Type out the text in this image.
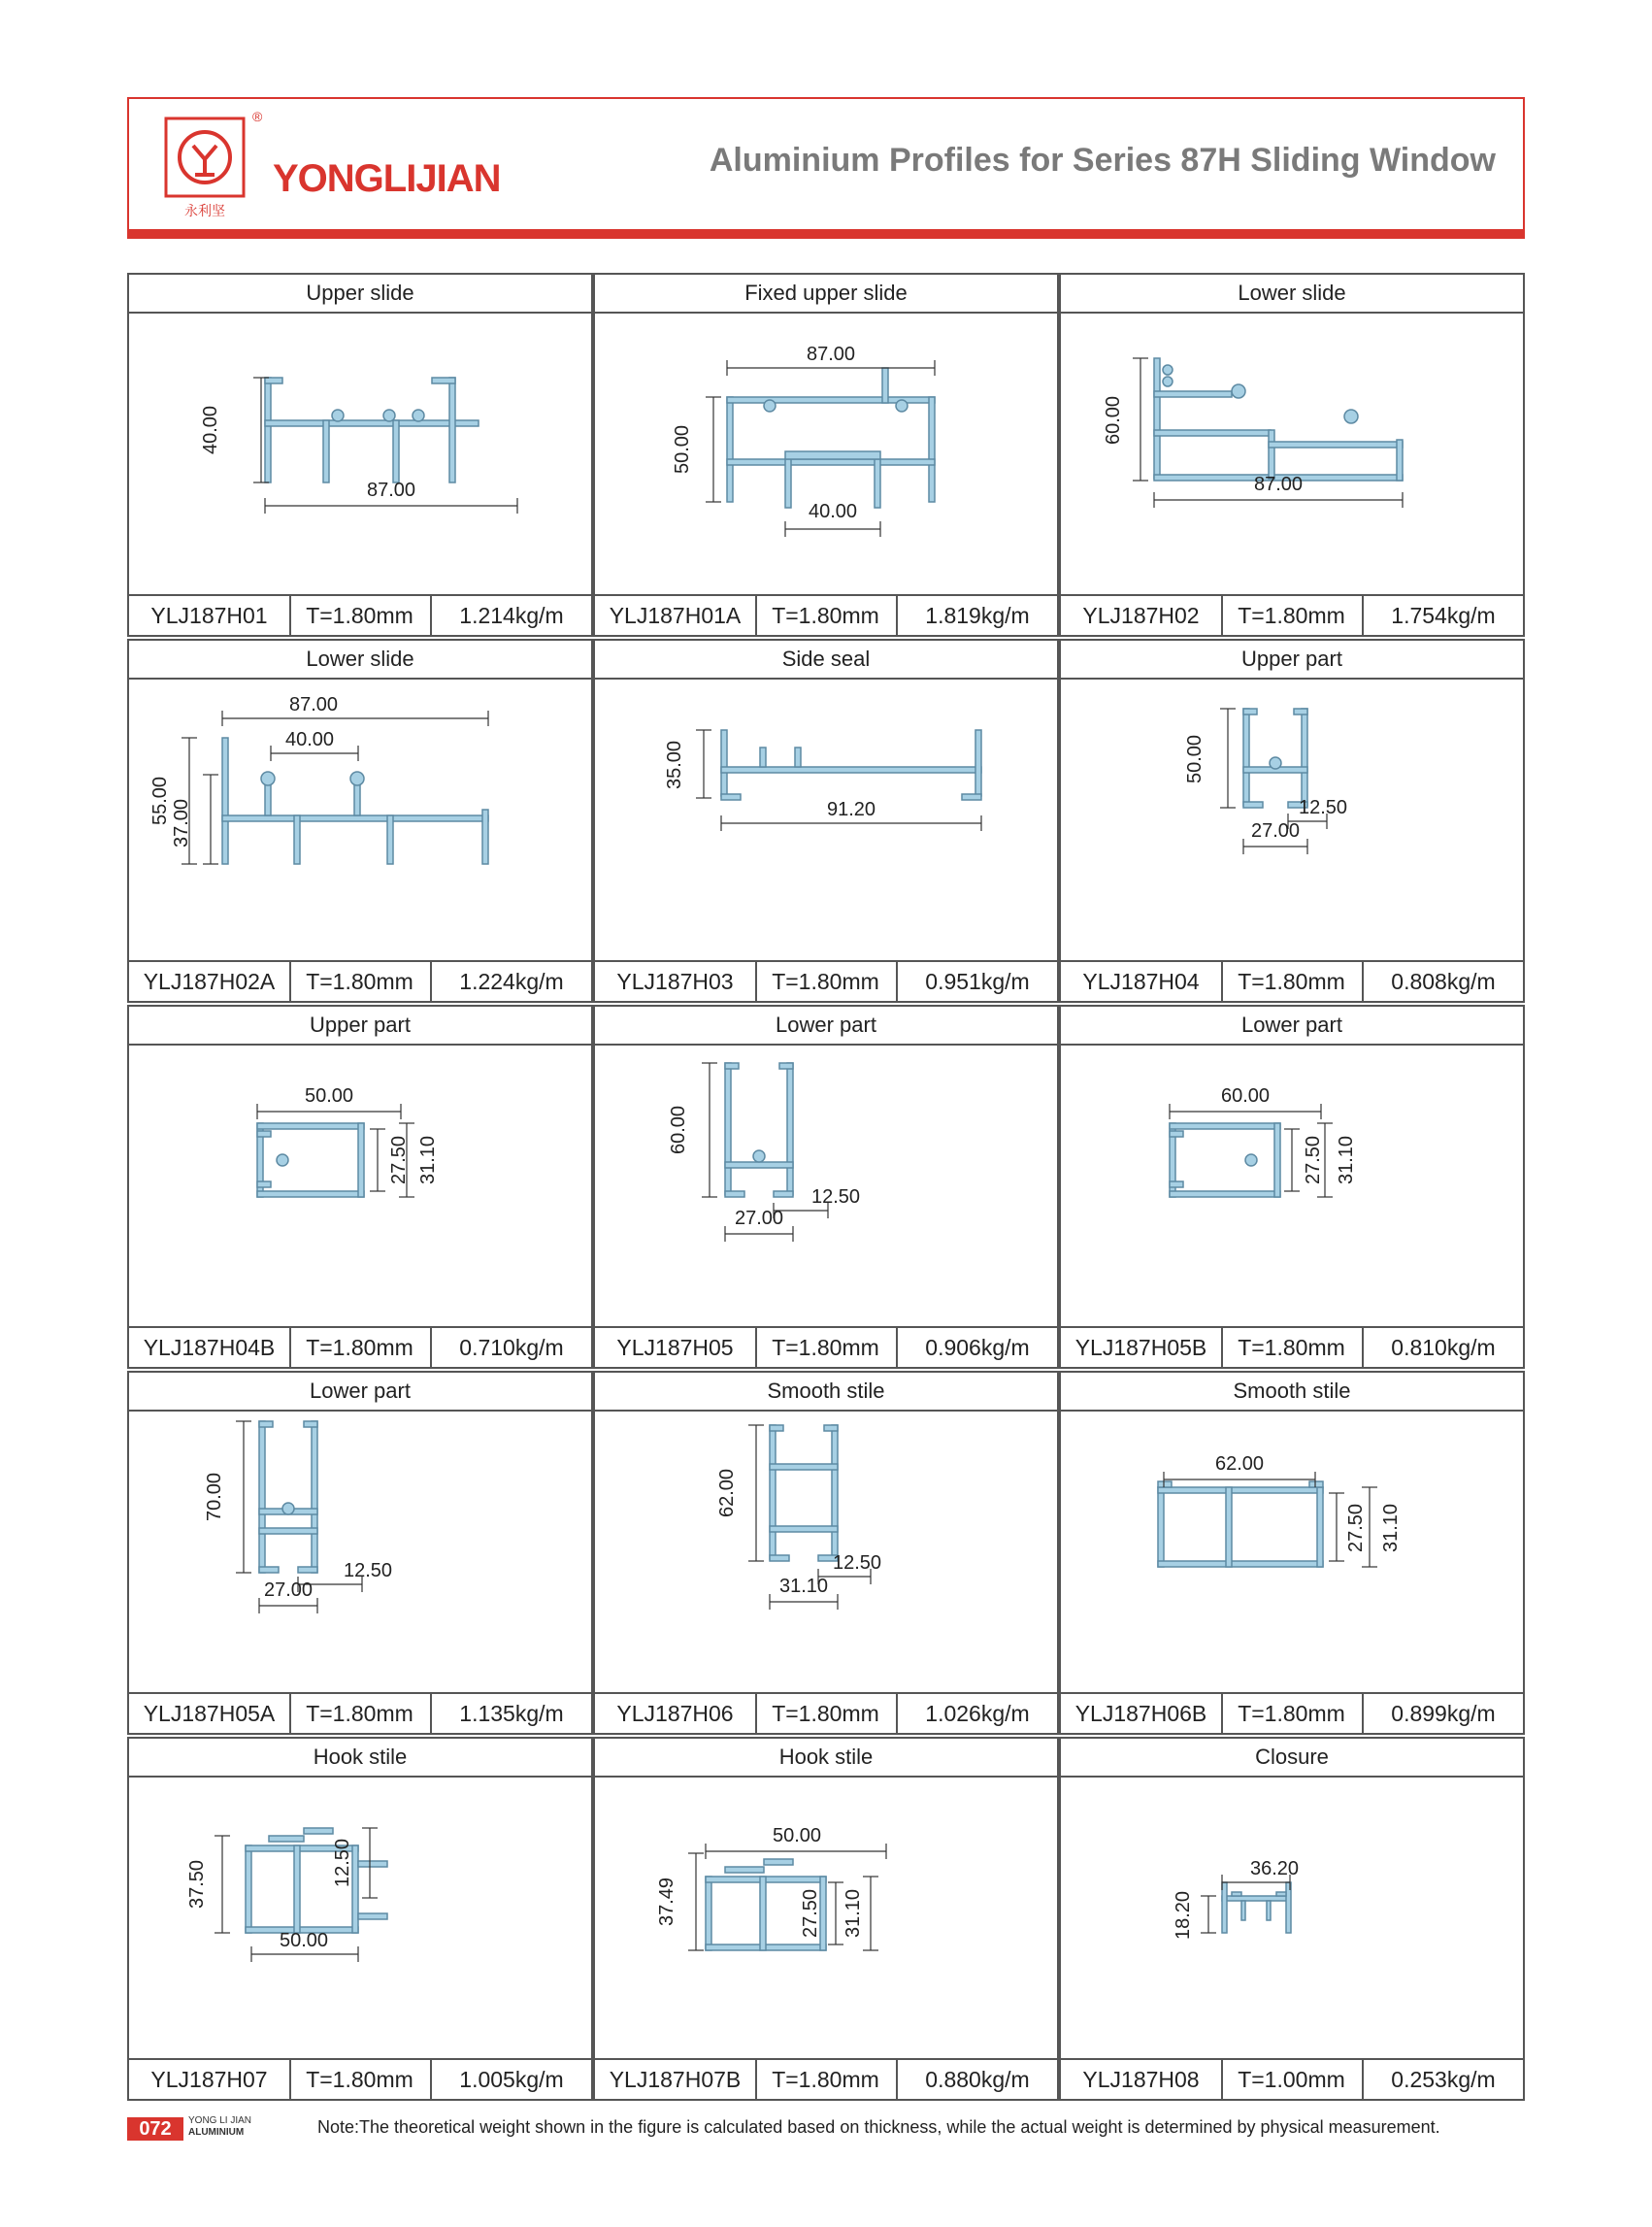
永利坚
®
YONGLIJIAN	Aluminium Profiles for Series 87H Sliding Window
Upper slide
40.00
87.00
YLJ187H01	T=1.80mm	1.214kg/m
Fixed upper slide
87.00
50.00
40.00
YLJ187H01A	T=1.80mm	1.819kg/m
Lower slide
60.00
87.00
YLJ187H02	T=1.80mm	1.754kg/m
Lower slide
87.00
40.00
55.00 37.00
YLJ187H02A	T=1.80mm	1.224kg/m
Side seal
35.00
91.20
YLJ187H03	T=1.80mm	0.951kg/m
Upper part
50.00
12.50
27.00
YLJ187H04	T=1.80mm	0.808kg/m
Upper part
50.00
27.50 31.10
YLJ187H04B	T=1.80mm	0.710kg/m
Lower part
60.00
12.50
27.00
YLJ187H05	T=1.80mm	0.906kg/m
Lower part
60.00
27.50 31.10
YLJ187H05B	T=1.80mm	0.810kg/m
Lower part
70.00
12.50
27.00
YLJ187H05A	T=1.80mm	1.135kg/m
Smooth stile
62.00
12.50
31.10
YLJ187H06	T=1.80mm	1.026kg/m
Smooth stile
62.00
27.50 31.10
YLJ187H06B	T=1.80mm	0.899kg/m
Hook stile
37.50	12.50
50.00
YLJ187H07	T=1.80mm	1.005kg/m
Hook stile
50.00
37.49	27.50 31.10
YLJ187H07B	T=1.80mm	0.880kg/m
Closure
36.20
18.20
YLJ187H08	T=1.00mm	0.253kg/m
072	YONG LI JIAN
ALUMINIUM	Note:The theoretical weight shown in the figure is calculated based on thickness, while the actual weight is determined by physical measurement.
